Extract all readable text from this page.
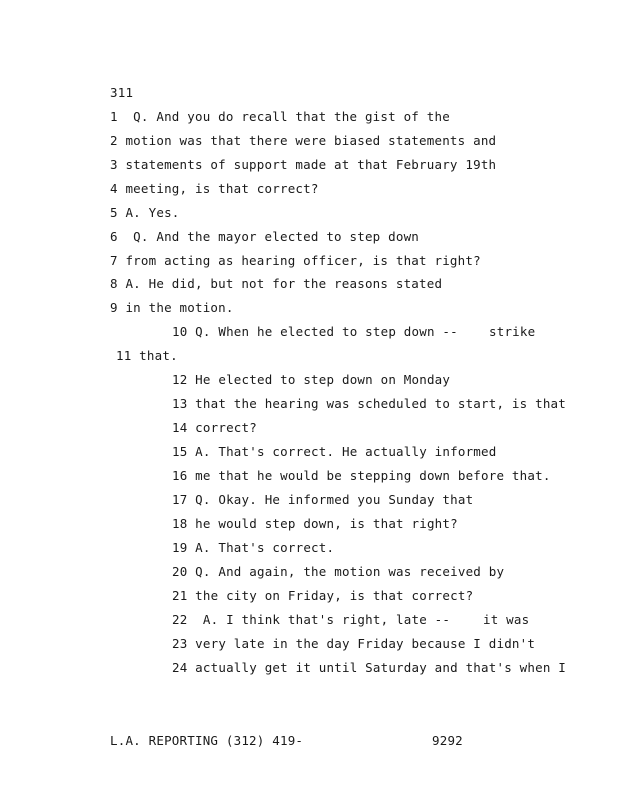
311
1  Q. And you do recall that the gist of the
2 motion was that there were biased statements and
3 statements of support made at that February 19th
4 meeting, is that correct?
5 A. Yes.
6  Q. And the mayor elected to step down
7 from acting as hearing officer, is that right?
8 A. He did, but not for the reasons stated
9 in the motion.
10 Q. When he elected to step down -- strike
11 that.
12 He elected to step down on Monday
13 that the hearing was scheduled to start, is that
14 correct?
15 A. That's correct. He actually informed
16 me that he would be stepping down before that.
17 Q. Okay. He informed you Sunday that
18 he would step down, is that right?
19 A. That's correct.
20 Q. And again, the motion was received by
21 the city on Friday, is that correct?
22  A. I think that's right, late --	it was
23 very late in the day Friday because I didn't
24 actually get it until Saturday and that's when I
L.A. REPORTING (312) 419-	9292
